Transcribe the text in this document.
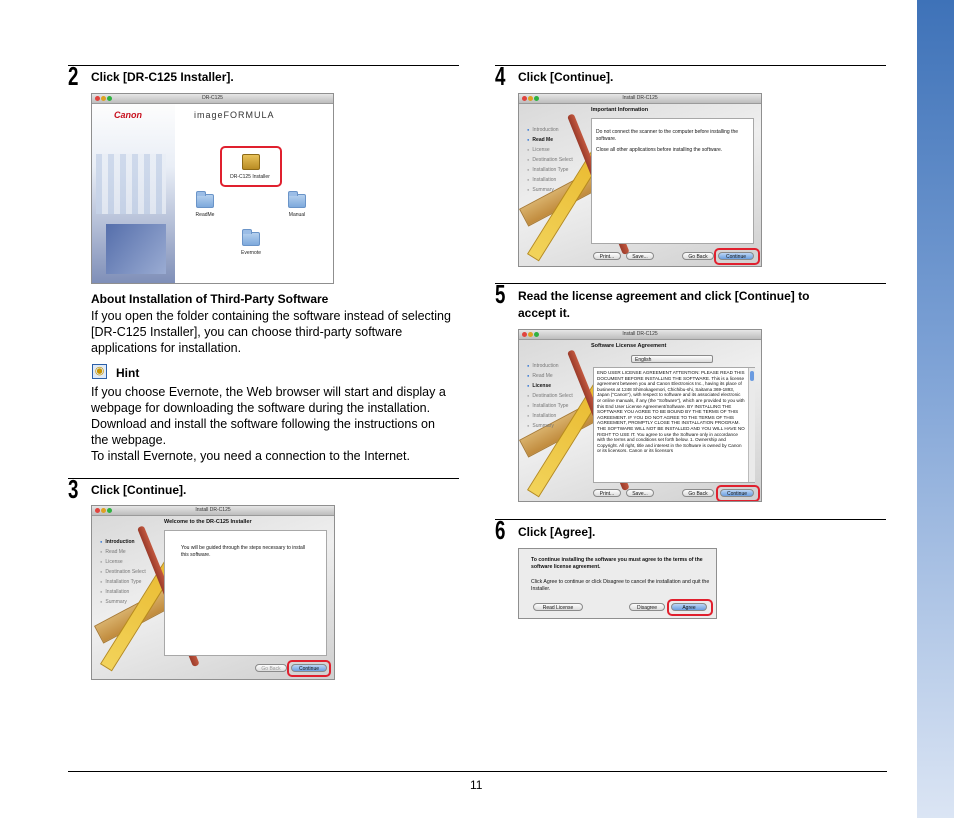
2 Click [DR-C125 Installer].
DR-C125
Canon	imageFORMULA
DR-C125 Installer
ReadMe	Manual
Evernote
About Installation of Third-Party Software
If you open the folder containing the software instead of selecting
[DR-C125 Installer], you can choose third-party software
applications for installation.
◉ Hint
If you choose Evernote, the Web browser will start and display a
webpage for downloading the software during the installation.
Download and install the software following the instructions on
the webpage.
To install Evernote, you need a connection to the Internet.
3 Click [Continue].
Install DR-C125
● Introduction
● Read Me
● License
● Destination Select
● Installation Type
● Installation
● Summary
Welcome to the DR-C125 Installer
You will be guided through the steps necessary to install this software.
Go Back	Continue
4 Click [Continue].
Install DR-C125
● Introduction
● Read Me
● License
● Destination Select
● Installation Type
● Installation
● Summary
Important Information
Do not connect the scanner to the computer before installing the software.
Close all other applications before installing the software.
Print...	Save...	Go Back	Continue
5 Read the license agreement and click [Continue] to
accept it.
Install DR-C125
● Introduction
● Read Me
● License
● Destination Select
● Installation Type
● Installation
● Summary
Software License Agreement
English
END USER LICENSE AGREEMENT ATTENTION: PLEASE READ THIS DOCUMENT BEFORE INSTALLING THE SOFTWARE. This is a license agreement between you and Canon Electronics Inc., having its place of business at 1248 Shimokagemori, Chichibu-shi, Saitama 369-1893, Japan ("Canon"), with respect to software and its associated electronic or online manuals, if any (the "Software"), which are provided to you with this End User License Agreement/Software. BY INSTALLING THE SOFTWARE YOU AGREE TO BE BOUND BY THE TERMS OF THIS AGREEMENT. IF YOU DO NOT AGREE TO THE TERMS OF THIS AGREEMENT, PROMPTLY CLOSE THE INSTALLATION PROGRAM. THE SOFTWARE WILL NOT BE INSTALLED AND YOU WILL HAVE NO RIGHT TO USE IT. You agree to use the Software only in accordance with the terms and conditions set forth below. 1. Ownership and Copyright. All right, title and interest in the Software is owned by Canon or its licensors. Canon or its licensors
Print...	Save...	Go Back	Continue
6 Click [Agree].
To continue installing the software you must agree to the terms of the software license agreement.
Click Agree to continue or click Disagree to cancel the installation and quit the Installer.
Read License	Disagree	Agree
11
